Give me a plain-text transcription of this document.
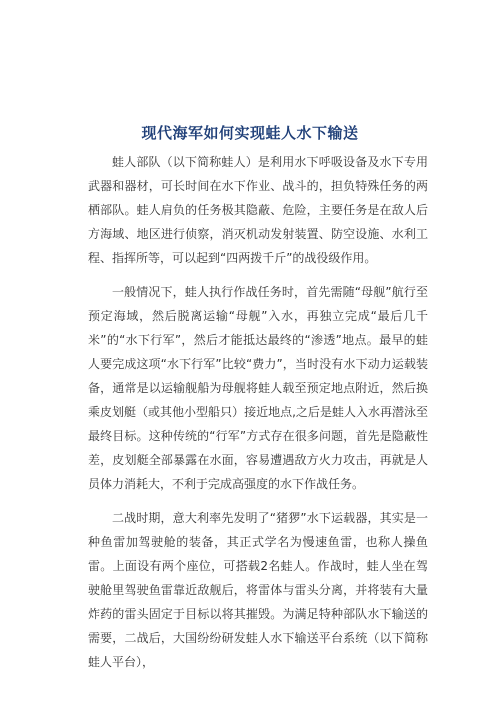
现代海军如何实现蛙人水下输送

蛙人部队（以下简称蛙人）是利用水下呼吸设备及水下专用武器和器材，可长时间在水下作业、战斗的，担负特殊任务的两栖部队。蛙人肩负的任务极其隐蔽、危险，主要任务是在敌人后方海域、地区进行侦察，消灭机动发射装置、防空设施、水利工程、指挥所等，可以起到“四两拨千斤”的战役级作用。

一般情况下，蛙人执行作战任务时，首先需随“母舰”航行至预定海域，然后脱离运输“母舰”入水，再独立完成“最后几千米”的“水下行军”，然后才能抵达最终的“渗透”地点。最早的蛙人要完成这项“水下行军”比较“费力”，当时没有水下动力运载装备，通常是以运输舰船为母舰将蛙人载至预定地点附近，然后换乘皮划艇（或其他小型船只）接近地点,之后是蛙人入水再潜泳至最终目标。这种传统的“行军”方式存在很多问题，首先是隐蔽性差，皮划艇全部暴露在水面，容易遭遇敌方火力攻击，再就是人员体力消耗大，不利于完成高强度的水下作战任务。

二战时期，意大利率先发明了“猪猡”水下运载器，其实是一种鱼雷加驾驶舱的装备，其正式学名为慢速鱼雷，也称人操鱼雷。上面设有两个座位，可搭载2名蛙人。作战时，蛙人坐在驾驶舱里驾驶鱼雷靠近敌舰后，将雷体与雷头分离，并将装有大量炸药的雷头固定于目标以将其摧毁。为满足特种部队水下输送的需要，二战后，大国纷纷研发蛙人水下输送平台系统（以下简称蛙人平台），
